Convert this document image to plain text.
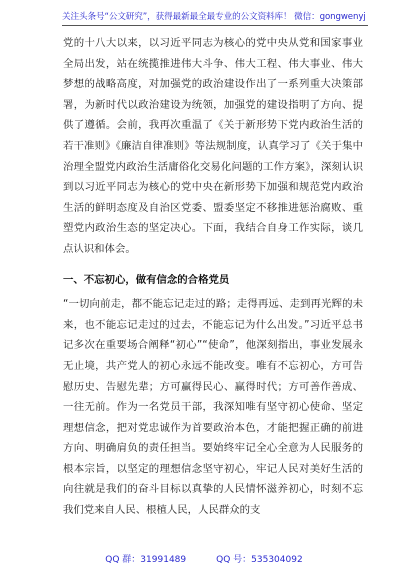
关注头条号“公文研究”，获得最新最全最专业的公文资料库！ 微信：gongwenyj

党的十八大以来，以习近平同志为核心的党中央从党和国家事业全局出发，站在统揽推进伟大斗争、伟大工程、伟大事业、伟大梦想的战略高度，对加强党的政治建设作出了一系列重大决策部署，为新时代以政治建设为统领，加强党的建设指明了方向、提供了遵循。会前，我再次重温了《关于新形势下党内政治生活的若干准则》《廉洁自律准则》等法规制度，认真学习了《关于集中治理全盟党内政治生活庸俗化交易化问题的工作方案》，深刻认识到以习近平同志为核心的党中央在新形势下加强和规范党内政治生活的鲜明态度及自治区党委、盟委坚定不移推进惩治腐败、重塑党内政治生态的坚定决心。下面，我结合自身工作实际，谈几点认识和体会。

一、不忘初心，做有信念的合格党员

“一切向前走，都不能忘记走过的路；走得再远、走到再光辉的未来，也不能忘记走过的过去，不能忘记为什么出发。”习近平总书记多次在重要场合阐释“初心”“使命”，他深刻指出，事业发展永无止境，共产党人的初心永远不能改变。唯有不忘初心，方可告慰历史、告慰先辈；方可赢得民心、赢得时代；方可善作善成、一往无前。作为一名党员干部，我深知唯有坚守初心使命、坚定理想信念，把对党忠诚作为首要政治本色，才能把握正确的前进方向、明确肩负的责任担当。要始终牢记全心全意为人民服务的根本宗旨，以坚定的理想信念坚守初心，牢记人民对美好生活的向往就是我们的奋斗目标以真挚的人民情怀滋养初心，时刻不忘我们党来自人民、根植人民，人民群众的支

QQ 群：31991489	QQ 号：535304092
